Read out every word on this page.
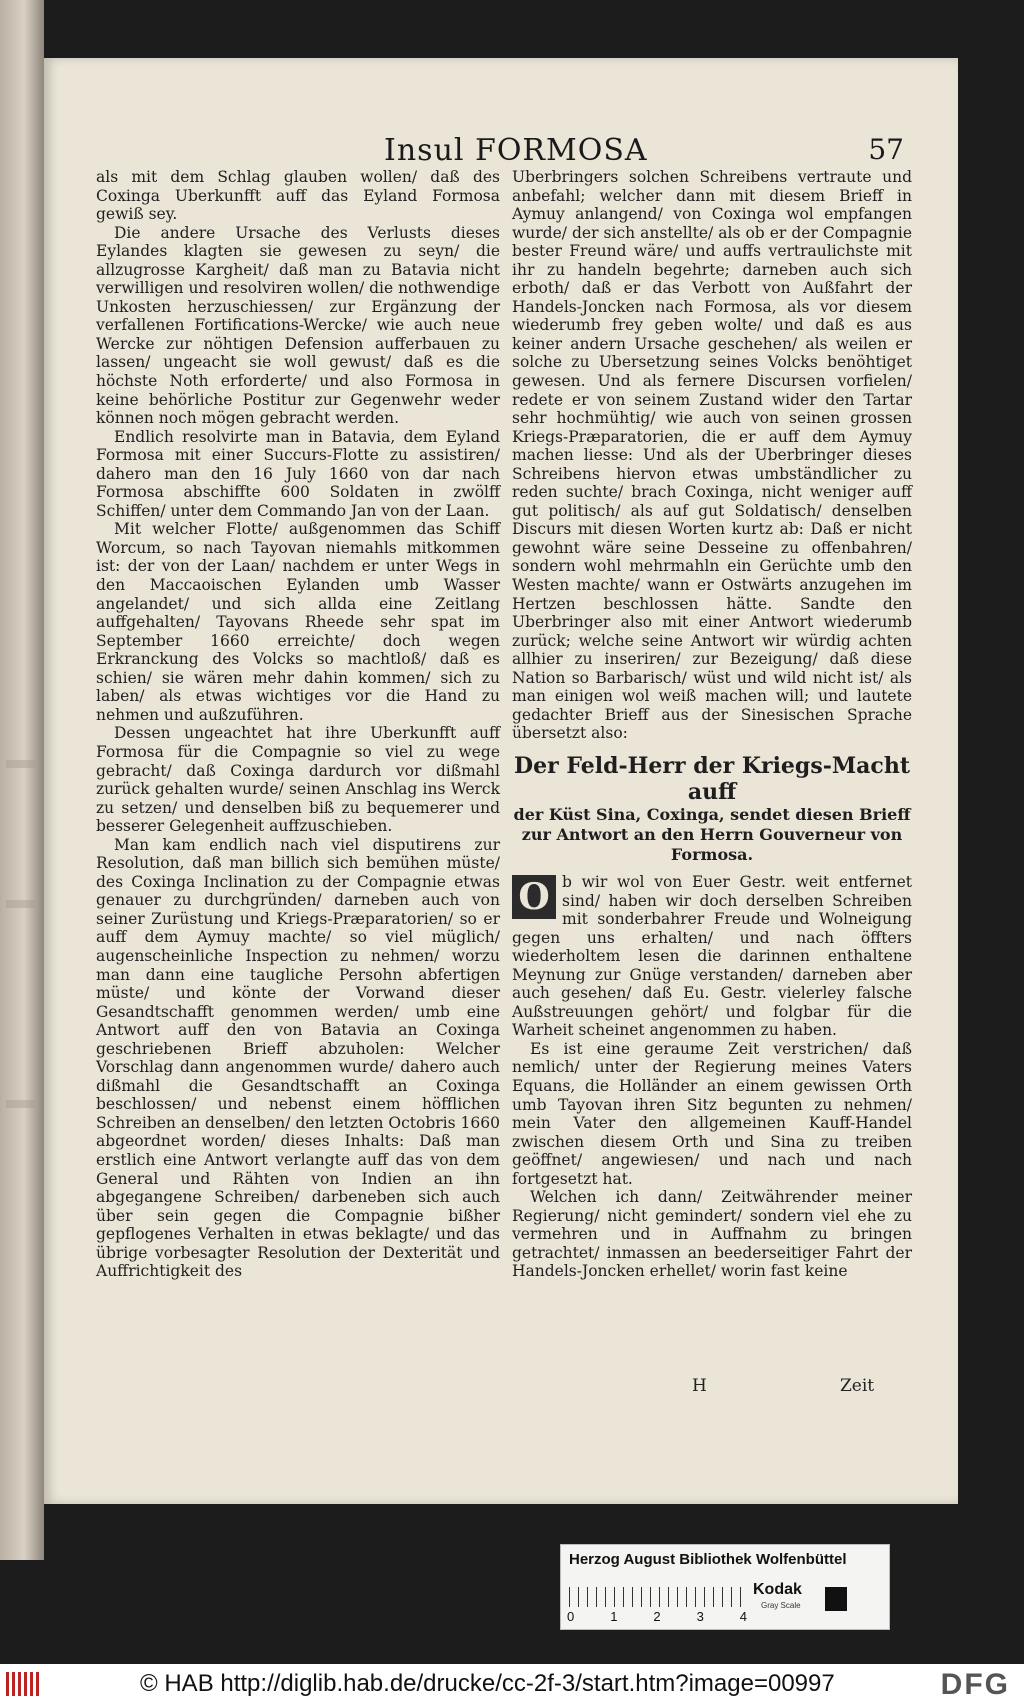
Insul FORMOSA	57

als mit dem Schlag glauben wollen/ daß des Coxinga Uberkunfft auff das Eyland Formosa gewiß sey.

Die andere Ursache des Verlusts dieses Eylandes klagten sie gewesen zu seyn/ die allzugrosse Kargheit/ daß man zu Batavia nicht verwilligen und resolviren wollen/ die nothwendige Unkosten herzuschiessen/ zur Ergänzung der verfallenen Fortifications-Wercke/ wie auch neue Wercke zur nöhtigen Defension aufferbauen zu lassen/ ungeacht sie woll gewust/ daß es die höchste Noth erforderte/ und also Formosa in keine behörliche Postitur zur Gegenwehr weder können noch mögen gebracht werden.

Endlich resolvirte man in Batavia, dem Eyland Formosa mit einer Succurs-Flotte zu assistiren/ dahero man den 16 July 1660 von dar nach Formosa abschiffte 600 Soldaten in zwölff Schiffen/ unter dem Commando Jan von der Laan.

Mit welcher Flotte/ außgenommen das Schiff Worcum, so nach Tayovan niemahls mitkommen ist: der von der Laan/ nachdem er unter Wegs in den Maccaoischen Eylanden umb Wasser angelandet/ und sich allda eine Zeitlang auffgehalten/ Tayovans Rheede sehr spat im September 1660 erreichte/ doch wegen Erkranckung des Volcks so machtloß/ daß es schien/ sie wären mehr dahin kommen/ sich zu laben/ als etwas wichtiges vor die Hand zu nehmen und außzuführen.

Dessen ungeachtet hat ihre Uberkunfft auff Formosa für die Compagnie so viel zu wege gebracht/ daß Coxinga dardurch vor dißmahl zurück gehalten wurde/ seinen Anschlag ins Werck zu setzen/ und denselben biß zu bequemerer und besserer Gelegenheit auffzuschieben.

Man kam endlich nach viel disputirens zur Resolution, daß man billich sich bemühen müste/ des Coxinga Inclination zu der Compagnie etwas genauer zu durchgründen/ darneben auch von seiner Zurüstung und Kriegs-Præparatorien/ so er auff dem Aymuy machte/ so viel müglich/ augenscheinliche Inspection zu nehmen/ worzu man dann eine taugliche Persohn abfertigen müste/ und könte der Vorwand dieser Gesandtschafft genommen werden/ umb eine Antwort auff den von Batavia an Coxinga geschriebenen Brieff abzuholen: Welcher Vorschlag dann angenommen wurde/ dahero auch dißmahl die Gesandtschafft an Coxinga beschlossen/ und nebenst einem höfflichen Schreiben an denselben/ den letzten Octobris 1660 abgeordnet worden/ dieses Inhalts: Daß man erstlich eine Antwort verlangte auff das von dem General und Rähten von Indien an ihn abgegangene Schreiben/ darbeneben sich auch über sein gegen die Compagnie bißher gepflogenes Verhalten in etwas beklagte/ und das übrige vorbesagter Resolution der Dexterität und Auffrichtigkeit des

Uberbringers solchen Schreibens vertraute und anbefahl; welcher dann mit diesem Brieff in Aymuy anlangend/ von Coxinga wol empfangen wurde/ der sich anstellte/ als ob er der Compagnie bester Freund wäre/ und auffs vertraulichste mit ihr zu handeln begehrte; darneben auch sich erboth/ daß er das Verbott von Außfahrt der Handels-Joncken nach Formosa, als vor diesem wiederumb frey geben wolte/ und daß es aus keiner andern Ursache geschehen/ als weilen er solche zu Ubersetzung seines Volcks benöhtiget gewesen. Und als fernere Discursen vorfielen/ redete er von seinem Zustand wider den Tartar sehr hochmühtig/ wie auch von seinen grossen Kriegs-Præparatorien, die er auff dem Aymuy machen liesse: Und als der Uberbringer dieses Schreibens hiervon etwas umbständlicher zu reden suchte/ brach Coxinga, nicht weniger auff gut politisch/ als auf gut Soldatisch/ denselben Discurs mit diesen Worten kurtz ab: Daß er nicht gewohnt wäre seine Desseine zu offenbahren/ sondern wohl mehrmahln ein Gerüchte umb den Westen machte/ wann er Ostwärts anzugehen im Hertzen beschlossen hätte. Sandte den Uberbringer also mit einer Antwort wiederumb zurück; welche seine Antwort wir würdig achten allhier zu inseriren/ zur Bezeigung/ daß diese Nation so Barbarisch/ wüst und wild nicht ist/ als man einigen wol weiß machen will; und lautete gedachter Brieff aus der Sinesischen Sprache übersetzt also:

Der Feld-Herr der Kriegs-Macht auff
der Küst Sina, Coxinga, sendet diesen Brieff zur Antwort an den Herrn Gouverneur von Formosa.

O b wir wol von Euer Gestr. weit entfernet sind/ haben wir doch derselben Schreiben mit sonderbahrer Freude und Wolneigung gegen uns erhalten/ und nach öffters wiederholtem lesen die darinnen enthaltene Meynung zur Gnüge verstanden/ darneben aber auch gesehen/ daß Eu. Gestr. vielerley falsche Außstreuungen gehört/ und folgbar für die Warheit scheinet angenommen zu haben.

Es ist eine geraume Zeit verstrichen/ daß nemlich/ unter der Regierung meines Vaters Equans, die Holländer an einem gewissen Orth umb Tayovan ihren Sitz begunten zu nehmen/ mein Vater den allgemeinen Kauff-Handel zwischen diesem Orth und Sina zu treiben geöffnet/ angewiesen/ und nach und nach fortgesetzt hat.

Welchen ich dann/ Zeitwährender meiner Regierung/ nicht gemindert/ sondern viel ehe zu vermehren und in Auffnahm zu bringen getrachtet/ inmassen an beederseitiger Fahrt der Handels-Joncken erhellet/ worin fast keine

H	Zeit
Herzog August Bibliothek Wolfenbüttel
0	1	2	3	4
Kodak
Gray Scale
© HAB http://diglib.hab.de/drucke/cc-2f-3/start.htm?image=00997	DFG
